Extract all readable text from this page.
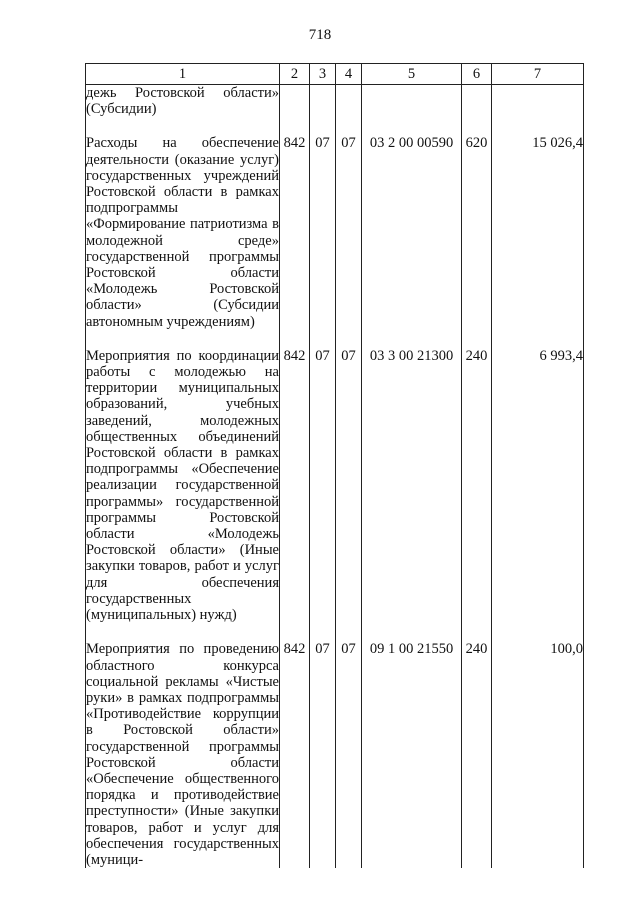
718
1	2	3	4	5	6	7
дежь Ростовской области» (Субсидии)						
Расходы на обеспечение деятельности (оказание услуг) государственных учреждений Ростовской области в рамках подпрограммы «Формирование патриотизма в молодежной среде» государственной программы Ростовской области «Молодежь Ростовской области» (Субсидии автономным учреждениям)	842	07	07	03 2 00 00590	620	15 026,4
Мероприятия по координации работы с молодежью на территории муниципальных образований, учебных заведений, молодежных общественных объединений Ростовской области в рамках подпрограммы «Обеспечение реализации государственной программы» государственной программы Ростовской области «Молодежь Ростовской области» (Иные закупки товаров, работ и услуг для обеспечения государственных (муниципальных) нужд)	842	07	07	03 3 00 21300	240	6 993,4
Мероприятия по проведению областного конкурса социальной рекламы «Чистые руки» в рамках подпрограммы «Противодействие коррупции в Ростовской области» государственной программы Ростовской области «Обеспечение общественного порядка и противодействие преступности» (Иные закупки товаров, работ и услуг для обеспечения государственных (муници-	842	07	07	09 1 00 21550	240	100,0
